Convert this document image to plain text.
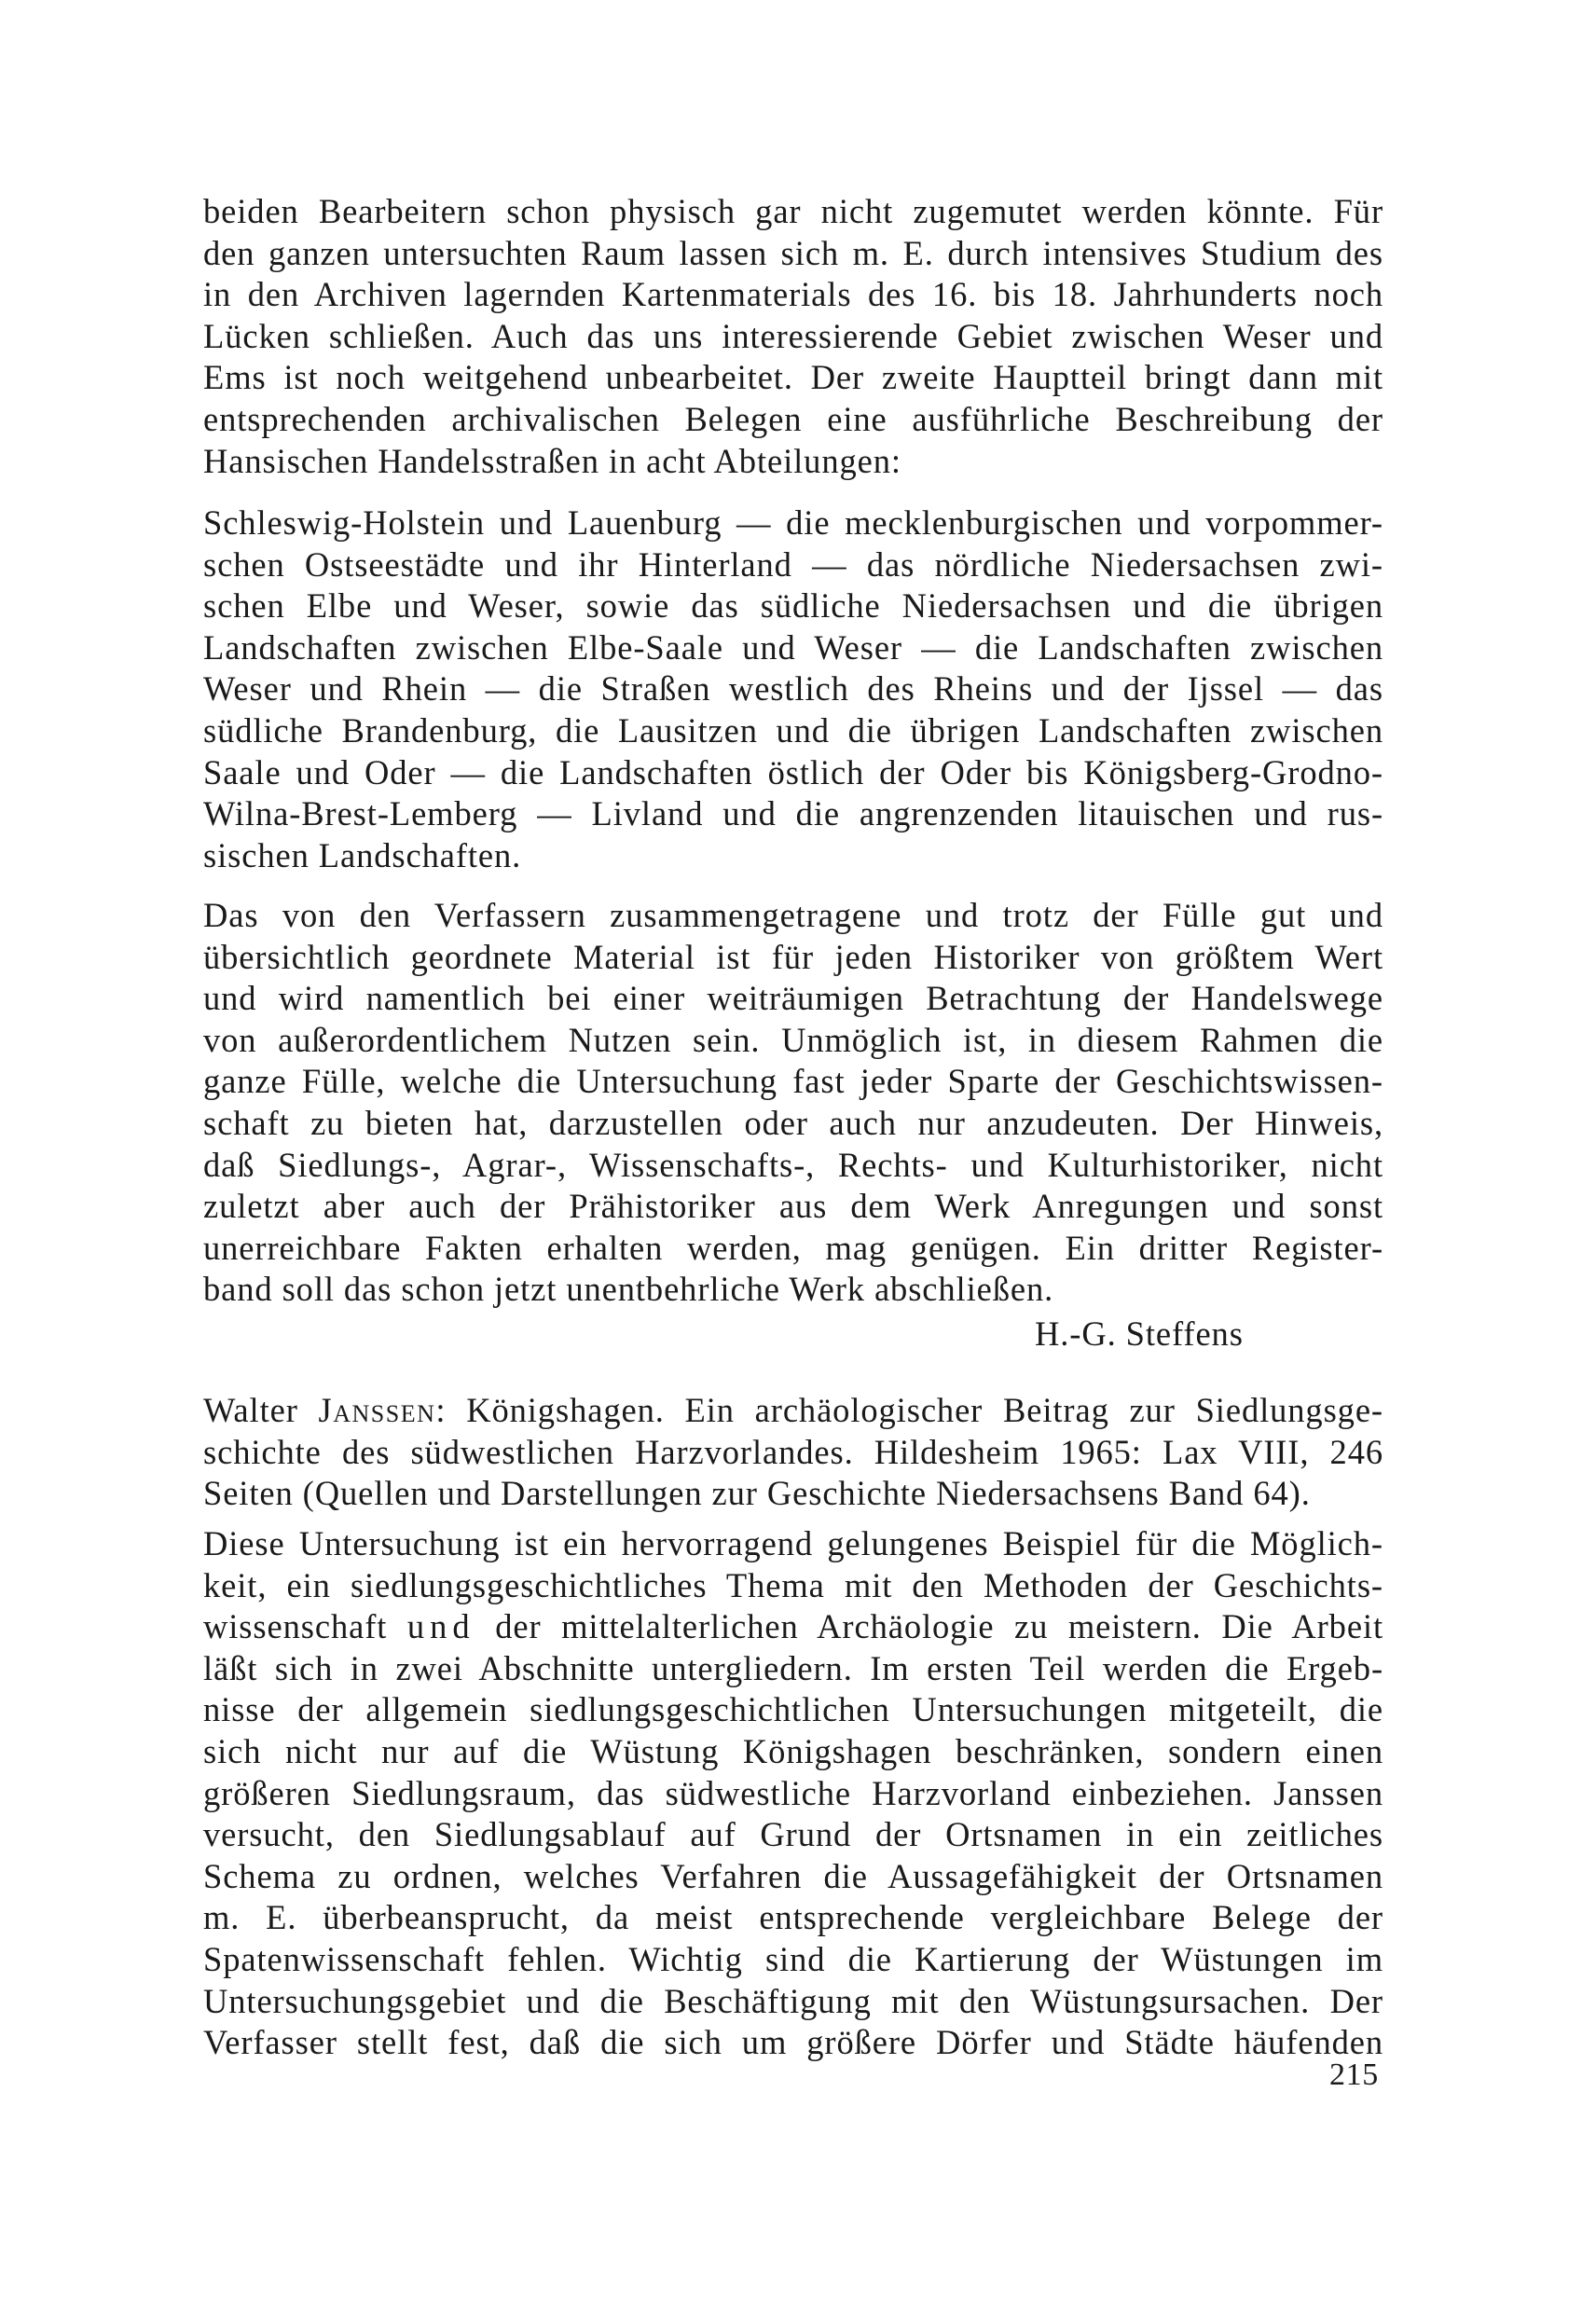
beiden Bearbeitern schon physisch gar nicht zugemutet werden könnte. Für
den ganzen untersuchten Raum lassen sich m. E. durch intensives Studium des
in den Archiven lagernden Kartenmaterials des 16. bis 18. Jahrhunderts noch
Lücken schließen. Auch das uns interessierende Gebiet zwischen Weser und
Ems ist noch weitgehend unbearbeitet. Der zweite Hauptteil bringt dann mit
entsprechenden archivalischen Belegen eine ausführliche Beschreibung der
Hansischen Handelsstraßen in acht Abteilungen:
Schleswig-Holstein und Lauenburg — die mecklenburgischen und vorpommer-
schen Ostseestädte und ihr Hinterland — das nördliche Niedersachsen zwi-
schen Elbe und Weser, sowie das südliche Niedersachsen und die übrigen
Landschaften zwischen Elbe-Saale und Weser — die Landschaften zwischen
Weser und Rhein — die Straßen westlich des Rheins und der Ijssel — das
südliche Brandenburg, die Lausitzen und die übrigen Landschaften zwischen
Saale und Oder — die Landschaften östlich der Oder bis Königsberg-Grodno-
Wilna-Brest-Lemberg — Livland und die angrenzenden litauischen und rus-
sischen Landschaften.
Das von den Verfassern zusammengetragene und trotz der Fülle gut und
übersichtlich geordnete Material ist für jeden Historiker von größtem Wert
und wird namentlich bei einer weiträumigen Betrachtung der Handelswege
von außerordentlichem Nutzen sein. Unmöglich ist, in diesem Rahmen die
ganze Fülle, welche die Untersuchung fast jeder Sparte der Geschichtswissen-
schaft zu bieten hat, darzustellen oder auch nur anzudeuten. Der Hinweis,
daß Siedlungs-, Agrar-, Wissenschafts-, Rechts- und Kulturhistoriker, nicht
zuletzt aber auch der Prähistoriker aus dem Werk Anregungen und sonst
unerreichbare Fakten erhalten werden, mag genügen. Ein dritter Register-
band soll das schon jetzt unentbehrliche Werk abschließen.
H.-G. Steffens
Walter Janssen: Königshagen. Ein archäologischer Beitrag zur Siedlungsge-
schichte des südwestlichen Harzvorlandes. Hildesheim 1965: Lax VIII, 246
Seiten (Quellen und Darstellungen zur Geschichte Niedersachsens Band 64).
Diese Untersuchung ist ein hervorragend gelungenes Beispiel für die Möglich-
keit, ein siedlungsgeschichtliches Thema mit den Methoden der Geschichts-
wissenschaft und der mittelalterlichen Archäologie zu meistern. Die Arbeit
läßt sich in zwei Abschnitte untergliedern. Im ersten Teil werden die Ergeb-
nisse der allgemein siedlungsgeschichtlichen Untersuchungen mitgeteilt, die
sich nicht nur auf die Wüstung Königshagen beschränken, sondern einen
größeren Siedlungsraum, das südwestliche Harzvorland einbeziehen. Janssen
versucht, den Siedlungsablauf auf Grund der Ortsnamen in ein zeitliches
Schema zu ordnen, welches Verfahren die Aussagefähigkeit der Ortsnamen
m. E. überbeansprucht, da meist entsprechende vergleichbare Belege der
Spatenwissenschaft fehlen. Wichtig sind die Kartierung der Wüstungen im
Untersuchungsgebiet und die Beschäftigung mit den Wüstungsursachen. Der
Verfasser stellt fest, daß die sich um größere Dörfer und Städte häufenden
215
